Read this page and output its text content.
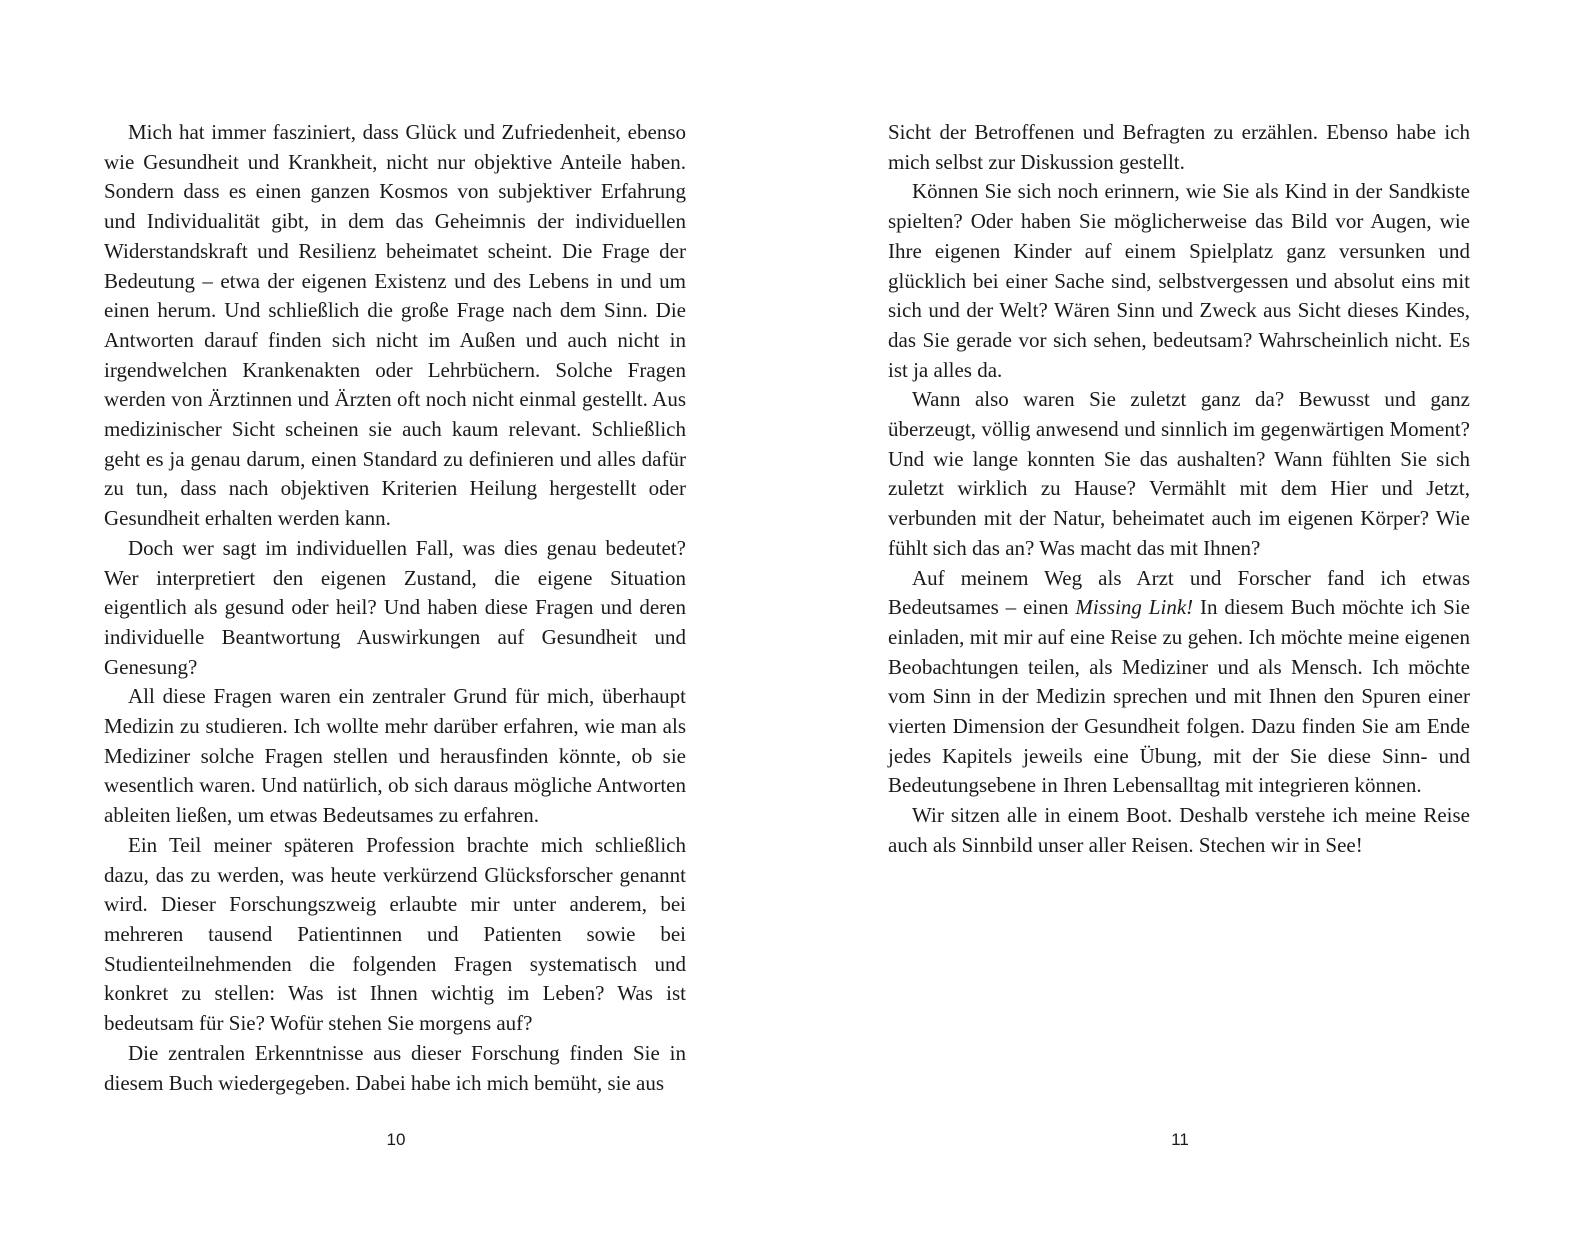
Mich hat immer fasziniert, dass Glück und Zufriedenheit, ebenso wie Gesundheit und Krankheit, nicht nur objektive Anteile haben. Sondern dass es einen ganzen Kosmos von subjektiver Erfahrung und Individualität gibt, in dem das Geheimnis der individuellen Widerstandskraft und Resilienz beheimatet scheint. Die Frage der Bedeutung – etwa der eigenen Existenz und des Lebens in und um einen herum. Und schließlich die große Frage nach dem Sinn. Die Antworten darauf finden sich nicht im Außen und auch nicht in irgendwelchen Krankenakten oder Lehrbüchern. Solche Fragen werden von Ärztinnen und Ärzten oft noch nicht einmal gestellt. Aus medizinischer Sicht scheinen sie auch kaum relevant. Schließlich geht es ja genau darum, einen Standard zu definieren und alles dafür zu tun, dass nach objektiven Kriterien Heilung hergestellt oder Gesundheit erhalten werden kann.

Doch wer sagt im individuellen Fall, was dies genau bedeutet? Wer interpretiert den eigenen Zustand, die eigene Situation eigentlich als gesund oder heil? Und haben diese Fragen und deren individuelle Beantwortung Auswirkungen auf Gesundheit und Genesung?

All diese Fragen waren ein zentraler Grund für mich, überhaupt Medizin zu studieren. Ich wollte mehr darüber erfahren, wie man als Mediziner solche Fragen stellen und herausfinden könnte, ob sie wesentlich waren. Und natürlich, ob sich daraus mögliche Antworten ableiten ließen, um etwas Bedeutsames zu erfahren.

Ein Teil meiner späteren Profession brachte mich schließlich dazu, das zu werden, was heute verkürzend Glücksforscher genannt wird. Dieser Forschungszweig erlaubte mir unter anderem, bei mehreren tausend Patientinnen und Patienten sowie bei Studienteilnehmenden die folgenden Fragen systematisch und konkret zu stellen: Was ist Ihnen wichtig im Leben? Was ist bedeutsam für Sie? Wofür stehen Sie morgens auf?

Die zentralen Erkenntnisse aus dieser Forschung finden Sie in diesem Buch wiedergegeben. Dabei habe ich mich bemüht, sie aus

10

Sicht der Betroffenen und Befragten zu erzählen. Ebenso habe ich mich selbst zur Diskussion gestellt.

Können Sie sich noch erinnern, wie Sie als Kind in der Sandkiste spielten? Oder haben Sie möglicherweise das Bild vor Augen, wie Ihre eigenen Kinder auf einem Spielplatz ganz versunken und glücklich bei einer Sache sind, selbstvergessen und absolut eins mit sich und der Welt? Wären Sinn und Zweck aus Sicht dieses Kindes, das Sie gerade vor sich sehen, bedeutsam? Wahrscheinlich nicht. Es ist ja alles da.

Wann also waren Sie zuletzt ganz da? Bewusst und ganz überzeugt, völlig anwesend und sinnlich im gegenwärtigen Moment? Und wie lange konnten Sie das aushalten? Wann fühlten Sie sich zuletzt wirklich zu Hause? Vermählt mit dem Hier und Jetzt, verbunden mit der Natur, beheimatet auch im eigenen Körper? Wie fühlt sich das an? Was macht das mit Ihnen?

Auf meinem Weg als Arzt und Forscher fand ich etwas Bedeutsames – einen Missing Link! In diesem Buch möchte ich Sie einladen, mit mir auf eine Reise zu gehen. Ich möchte meine eigenen Beobachtungen teilen, als Mediziner und als Mensch. Ich möchte vom Sinn in der Medizin sprechen und mit Ihnen den Spuren einer vierten Dimension der Gesundheit folgen. Dazu finden Sie am Ende jedes Kapitels jeweils eine Übung, mit der Sie diese Sinn- und Bedeutungsebene in Ihren Lebensalltag mit integrieren können.

Wir sitzen alle in einem Boot. Deshalb verstehe ich meine Reise auch als Sinnbild unser aller Reisen. Stechen wir in See!

11
